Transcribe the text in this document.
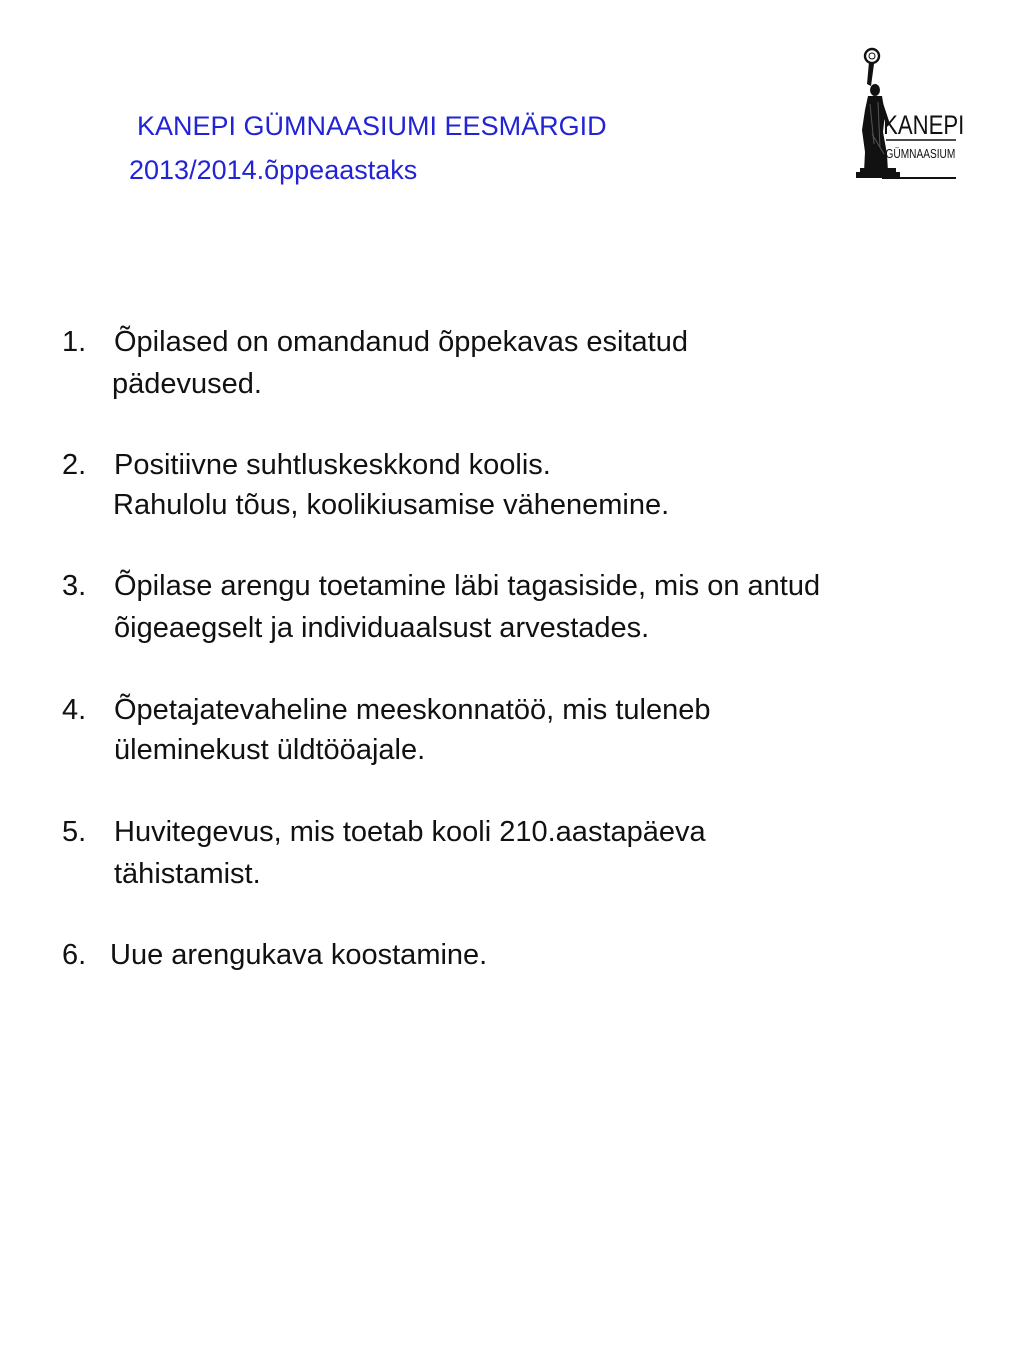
KANEPI GÜMNAASIUMI EESMÄRGID
2013/2014.õppeaastaks
KANEPI
GÜMNAASIUM
1. Õpilased on omandanud õppekavas esitatud
pädevused.
2. Positiivne suhtluskeskkond koolis.
Rahulolu tõus, koolikiusamise vähenemine.
3. Õpilase arengu toetamine läbi tagasiside, mis on antud
õigeaegselt ja individuaalsust arvestades.
4. Õpetajatevaheline meeskonnatöö, mis tuleneb
üleminekust üldtööajale.
5. Huvitegevus, mis toetab kooli 210.aastapäeva
tähistamist.
6. Uue arengukava koostamine.
